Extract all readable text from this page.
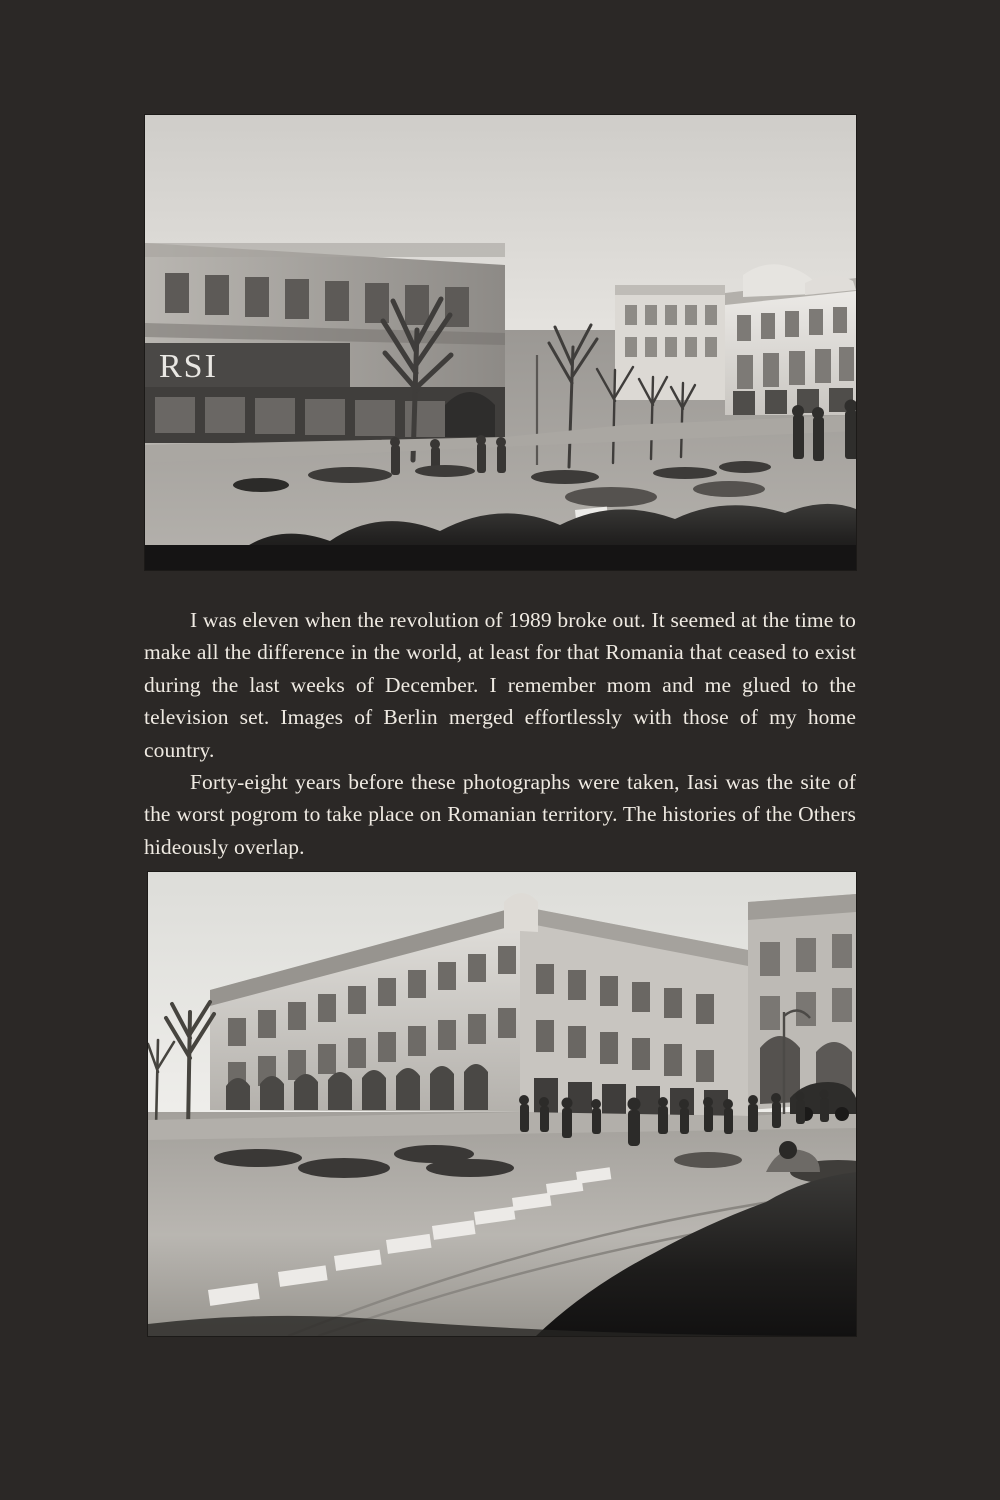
RSI

I was eleven when the revolution of 1989 broke out. It seemed at the time to make all the difference in the world, at least for that Romania that ceased to exist during the last weeks of December. I remember mom and me glued to the television set. Images of Berlin merged effortlessly with those of my home country.

Forty-eight years before these photographs were taken, Iasi was the site of the worst pogrom to take place on Romanian territory. The histories of the Others hideously overlap.
